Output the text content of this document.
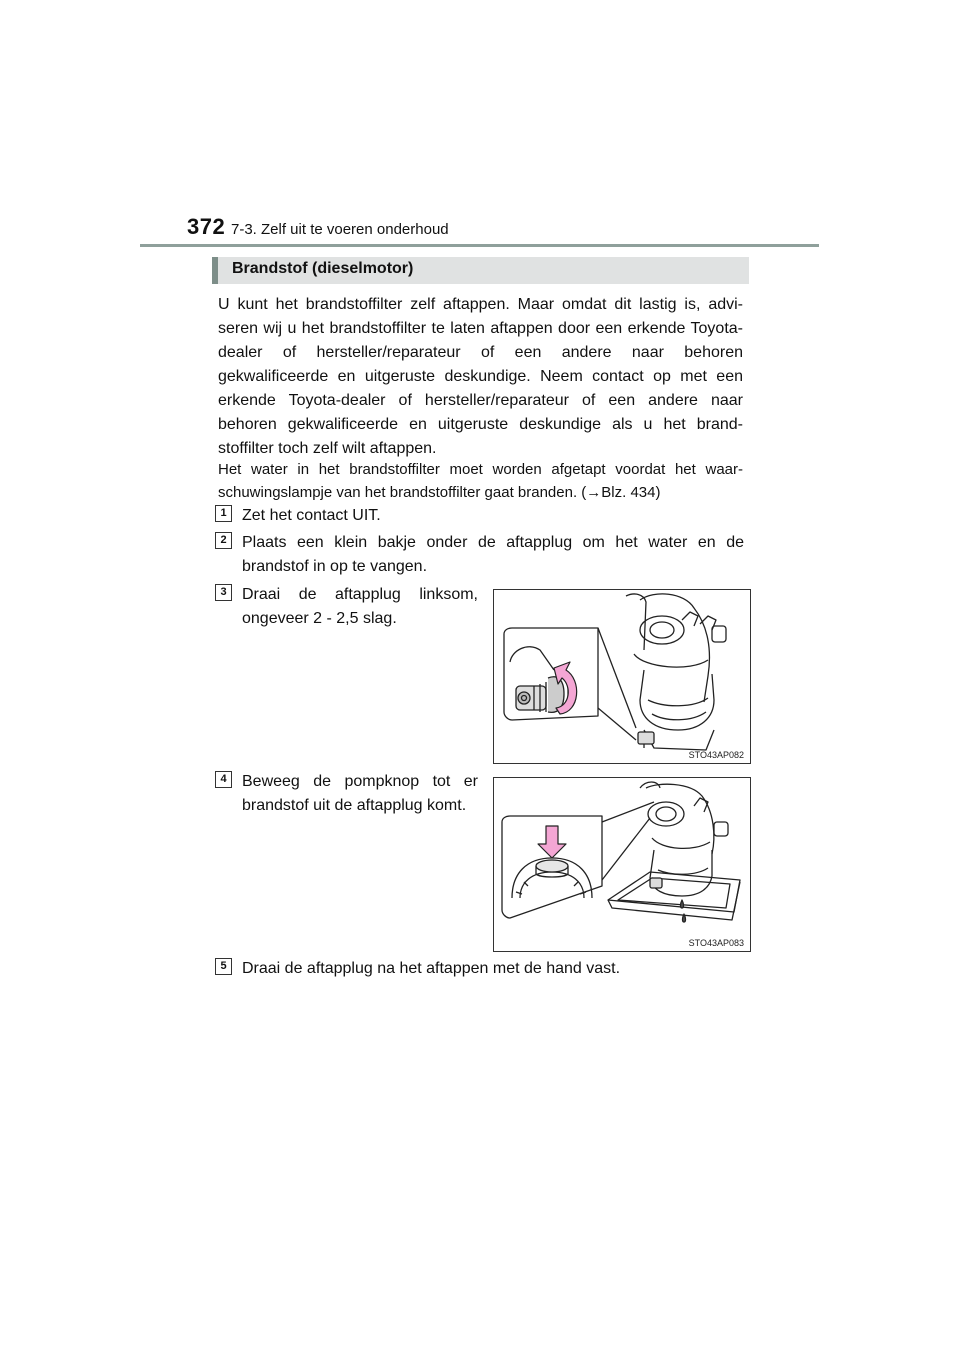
372 7-3. Zelf uit te voeren onderhoud
Brandstof (dieselmotor)

U kunt het brandstoffilter zelf aftappen. Maar omdat dit lastig is, advi-seren wij u het brandstoffilter te laten aftappen door een erkende Toyota-dealer of hersteller/reparateur of een andere naar behoren gekwalificeerde en uitgeruste deskundige. Neem contact op met een erkende Toyota-dealer of hersteller/reparateur of een andere naar behoren gekwalificeerde en uitgeruste deskundige als u het brand-stoffilter toch zelf wilt aftappen.

Het water in het brandstoffilter moet worden afgetapt voordat het waar-schuwingslampje van het brandstoffilter gaat branden. (→Blz. 434)

1 Zet het contact UIT.

2 Plaats een klein bakje onder de aftapplug om het water en de brandstof in op te vangen.

3 Draai de aftapplug linksom, ongeveer 2 - 2,5 slag.

STO43AP082
4 Beweeg de pompknop tot er brandstof uit de aftapplug komt.

STO43AP083
5 Draai de aftapplug na het aftappen met de hand vast.
